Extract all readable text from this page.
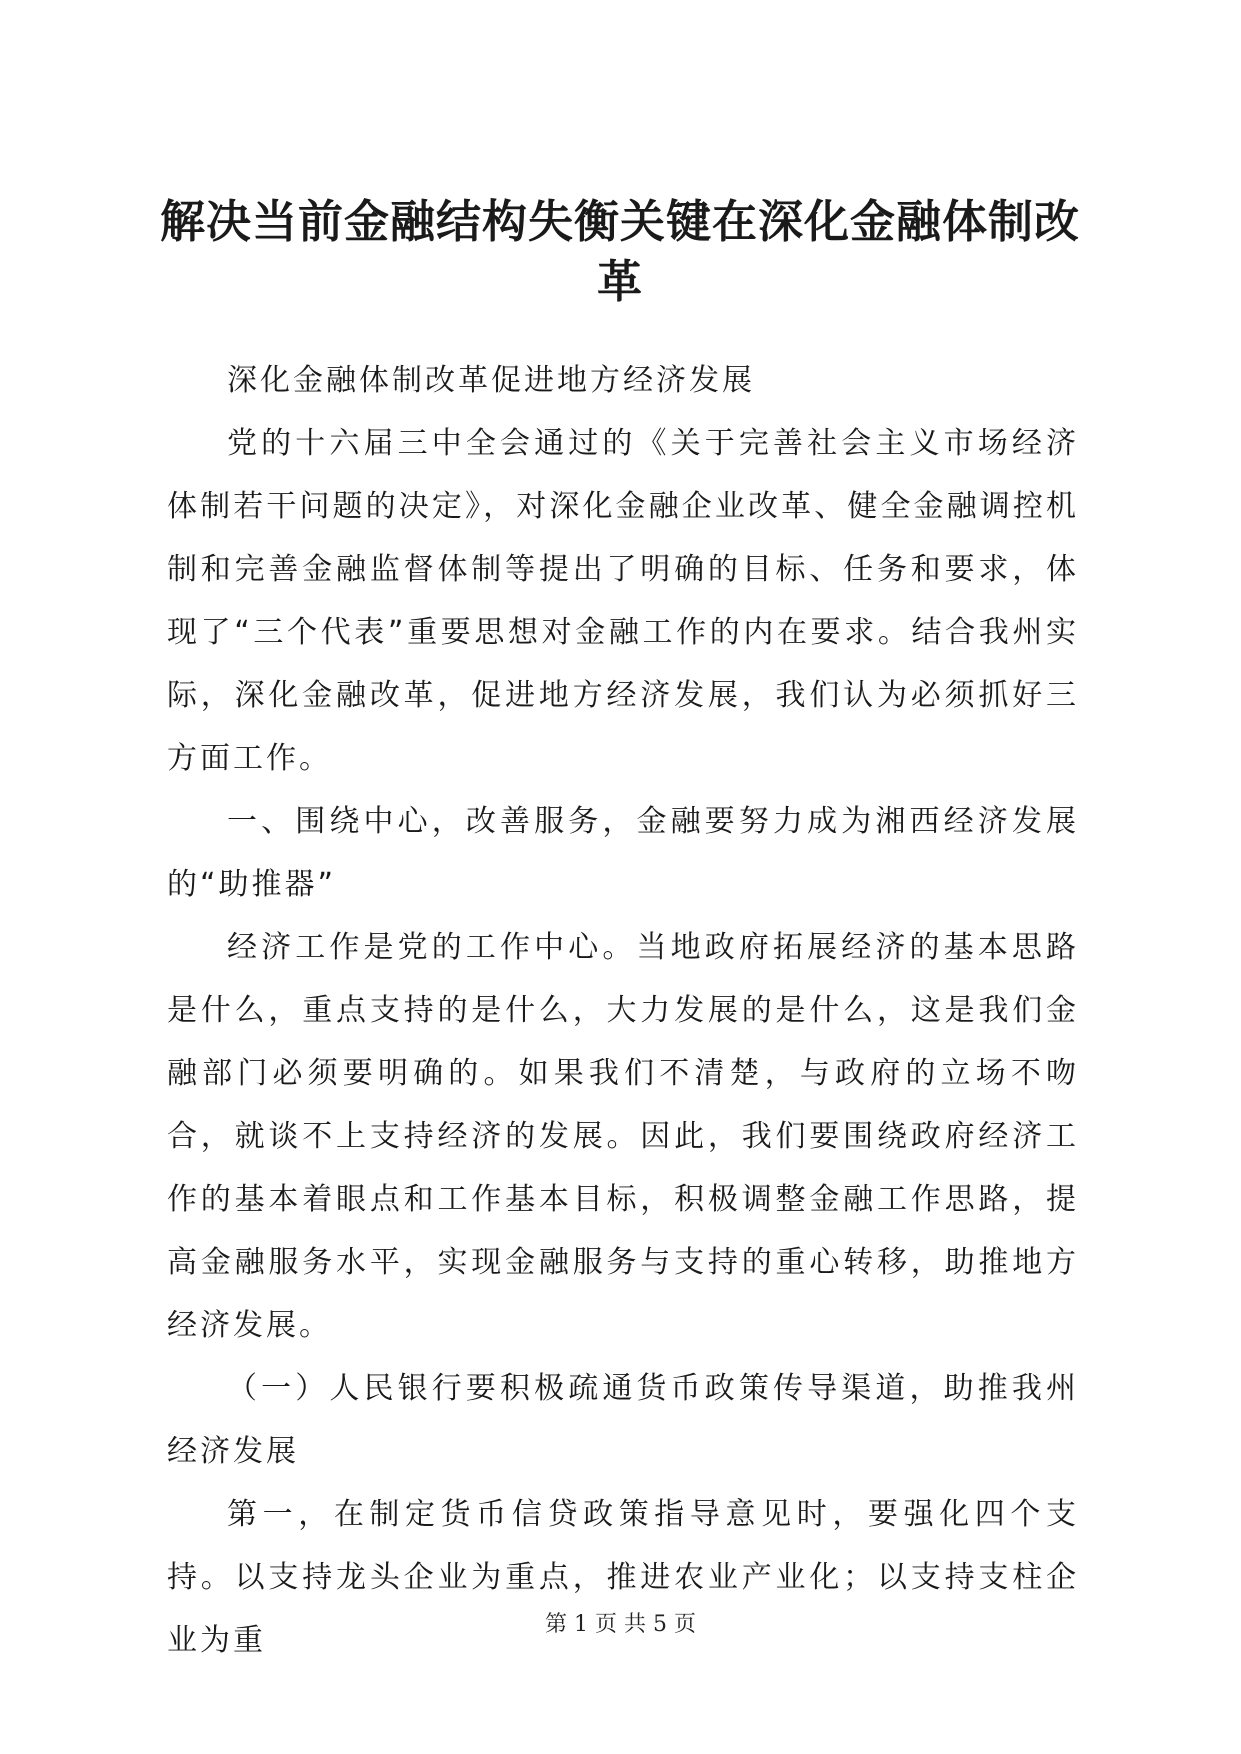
解决当前金融结构失衡关键在深化金融体制改革

深化金融体制改革促进地方经济发展

党的十六届三中全会通过的《关于完善社会主义市场经济体制若干问题的决定》，对深化金融企业改革、健全金融调控机制和完善金融监督体制等提出了明确的目标、任务和要求，体现了“三个代表”重要思想对金融工作的内在要求。结合我州实际，深化金融改革，促进地方经济发展，我们认为必须抓好三方面工作。

一、围绕中心，改善服务，金融要努力成为湘西经济发展的“助推器”

经济工作是党的工作中心。当地政府拓展经济的基本思路是什么，重点支持的是什么，大力发展的是什么，这是我们金融部门必须要明确的。如果我们不清楚，与政府的立场不吻合，就谈不上支持经济的发展。因此，我们要围绕政府经济工作的基本着眼点和工作基本目标，积极调整金融工作思路，提高金融服务水平，实现金融服务与支持的重心转移，助推地方经济发展。

（一）人民银行要积极疏通货币政策传导渠道，助推我州经济发展

第一，在制定货币信贷政策指导意见时，要强化四个支持。以支持龙头企业为重点，推进农业产业化；以支持支柱企业为重	第 1 页 共 5 页
